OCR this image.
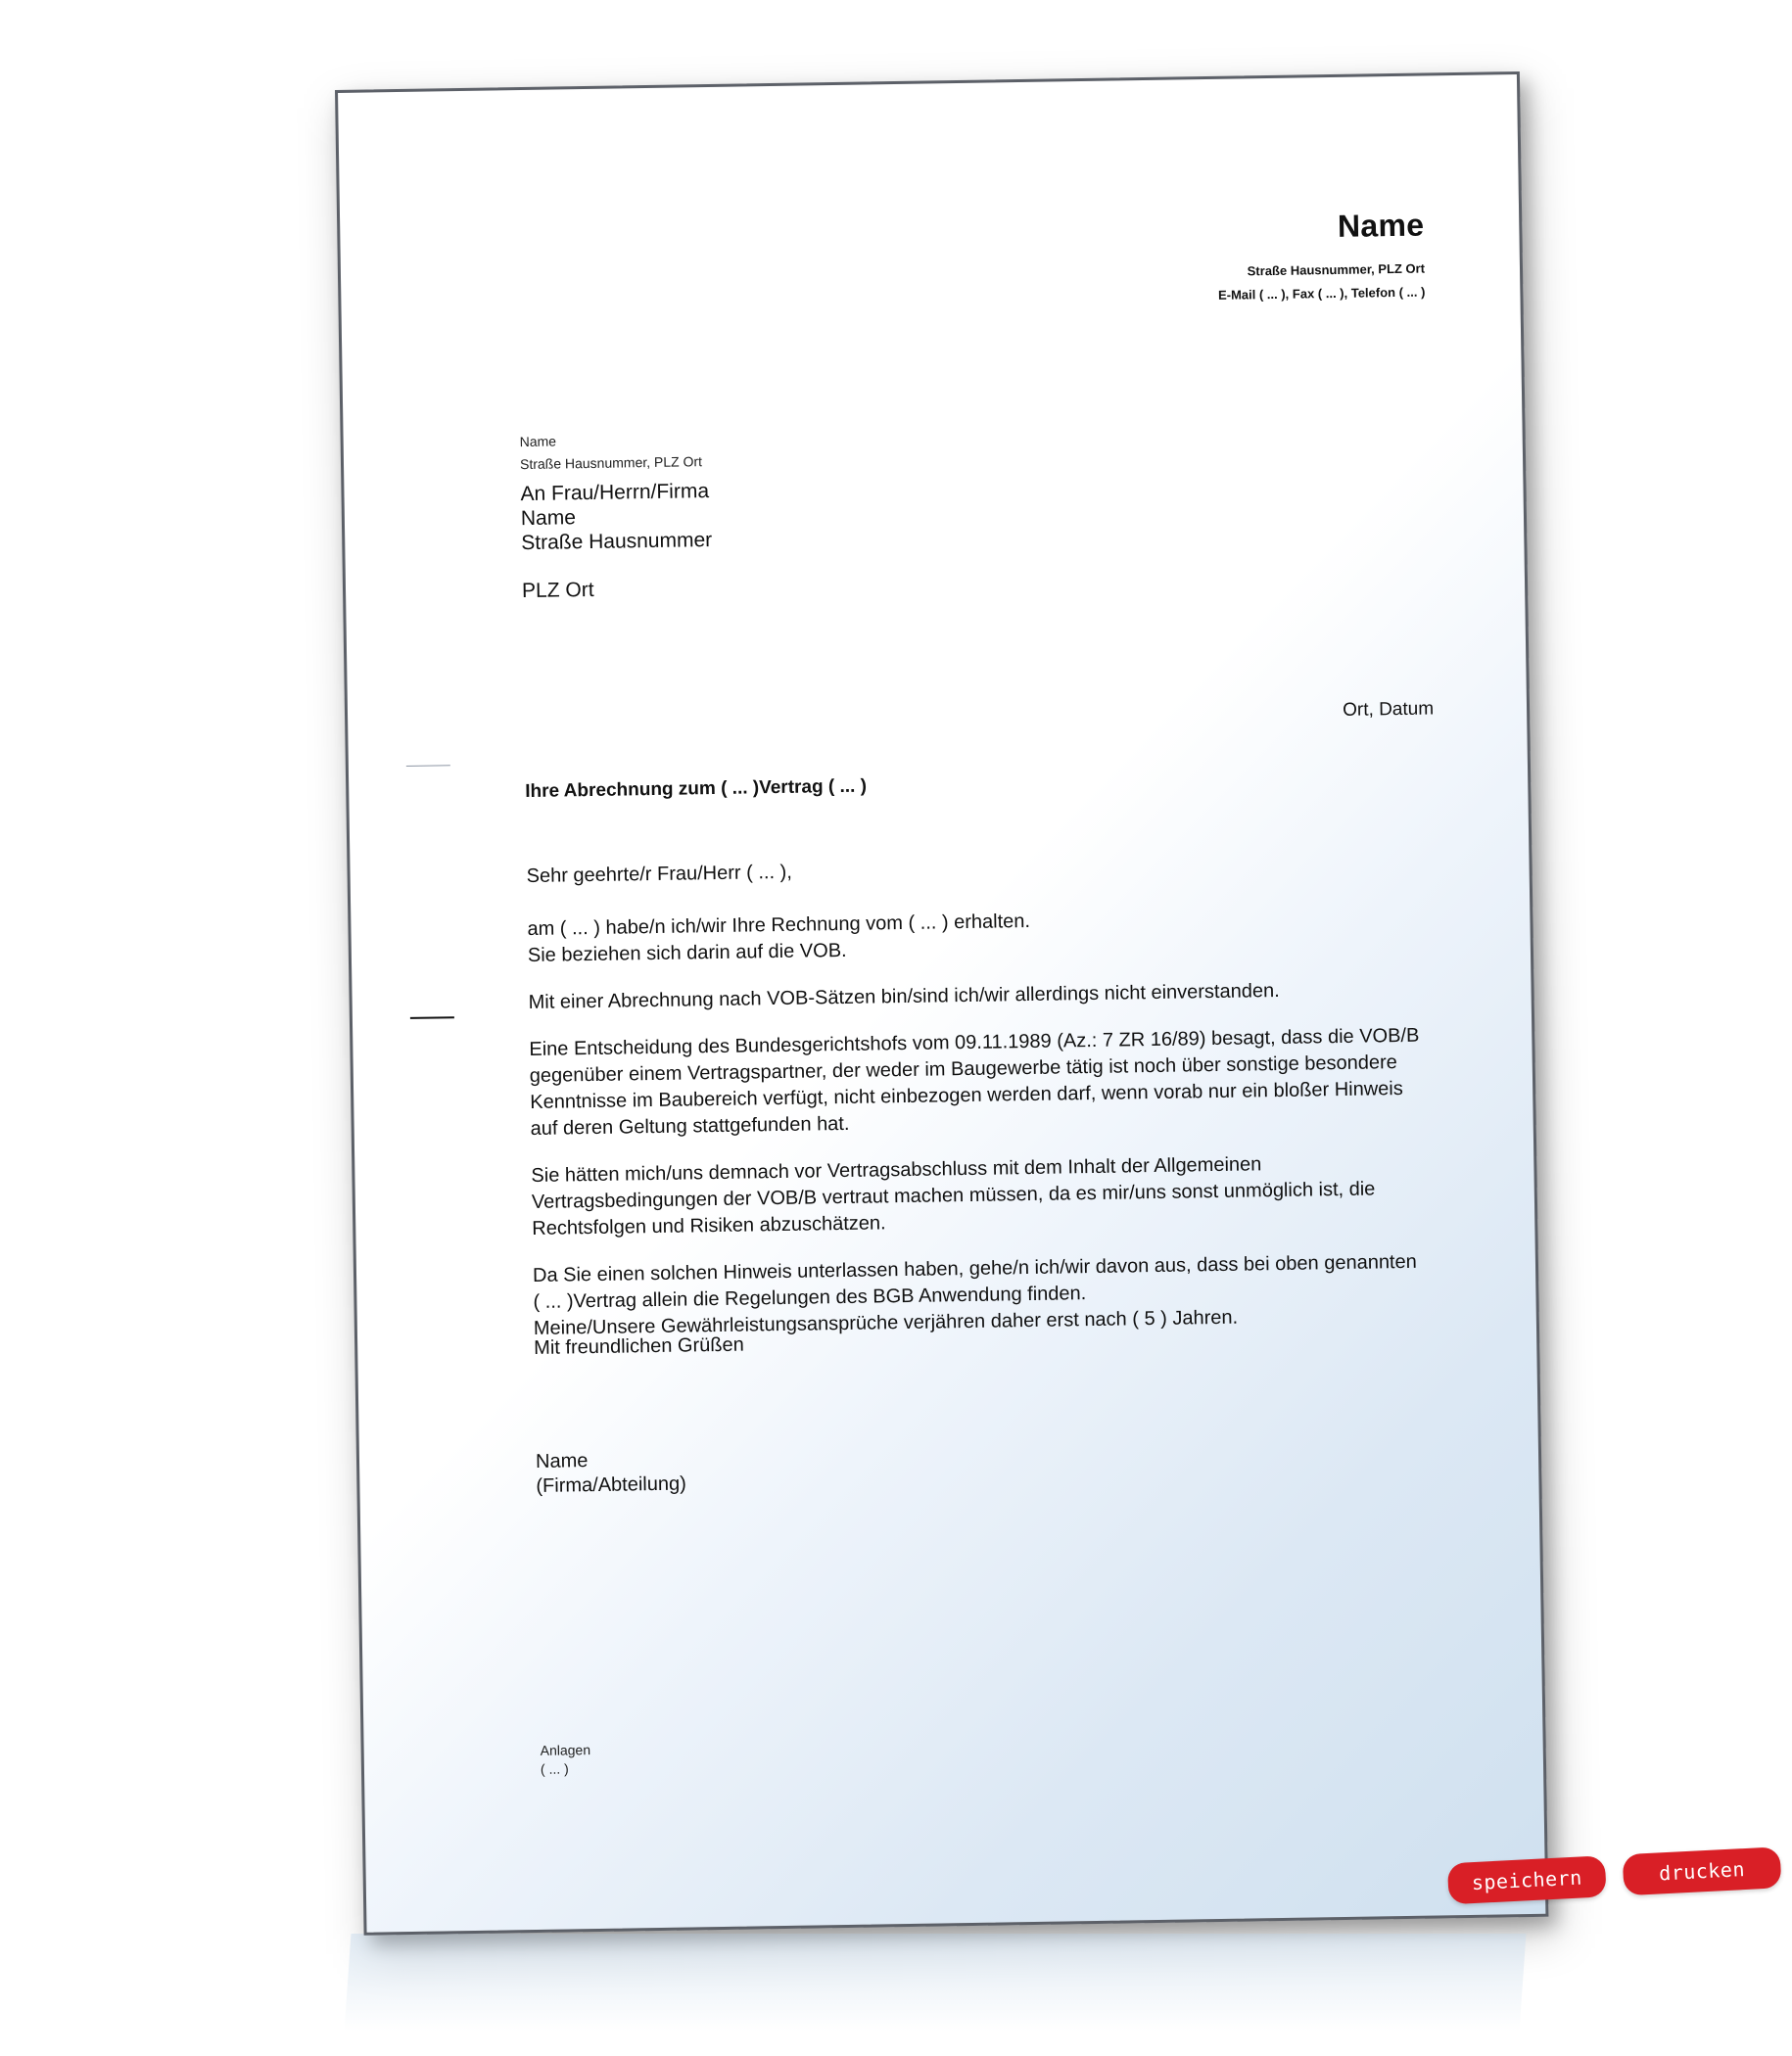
Name
Straße Hausnummer, PLZ Ort
E-Mail ( ... ), Fax ( ... ), Telefon ( ... )
Name
Straße Hausnummer, PLZ Ort
An Frau/Herrn/Firma
Name
Straße Hausnummer
PLZ Ort
Ort, Datum
Ihre Abrechnung zum ( ... )Vertrag ( ... )

Sehr geehrte/r Frau/Herr ( ... ),

am ( ... ) habe/n ich/wir Ihre Rechnung vom ( ... ) erhalten.
Sie beziehen sich darin auf die VOB.

Mit einer Abrechnung nach VOB-Sätzen bin/sind ich/wir allerdings nicht einverstanden.

Eine Entscheidung des Bundesgerichtshofs vom 09.11.1989 (Az.: 7 ZR 16/89) besagt, dass die VOB/B gegenüber einem Vertragspartner, der weder im Baugewerbe tätig ist noch über sonstige besondere Kenntnisse im Baubereich verfügt, nicht einbezogen werden darf, wenn vorab nur ein bloßer Hinweis auf deren Geltung stattgefunden hat.

Sie hätten mich/uns demnach vor Vertragsabschluss mit dem Inhalt der Allgemeinen Vertragsbedingungen der VOB/B vertraut machen müssen, da es mir/uns sonst unmöglich ist, die Rechtsfolgen und Risiken abzuschätzen.

Da Sie einen solchen Hinweis unterlassen haben, gehe/n ich/wir davon aus, dass bei oben genannten ( ... )Vertrag allein die Regelungen des BGB Anwendung finden.
Meine/Unsere Gewährleistungsansprüche verjähren daher erst nach ( 5 ) Jahren.

Mit freundlichen Grüßen
Name
(Firma/Abteilung)
Anlagen
( ... )
speichern	drucken
